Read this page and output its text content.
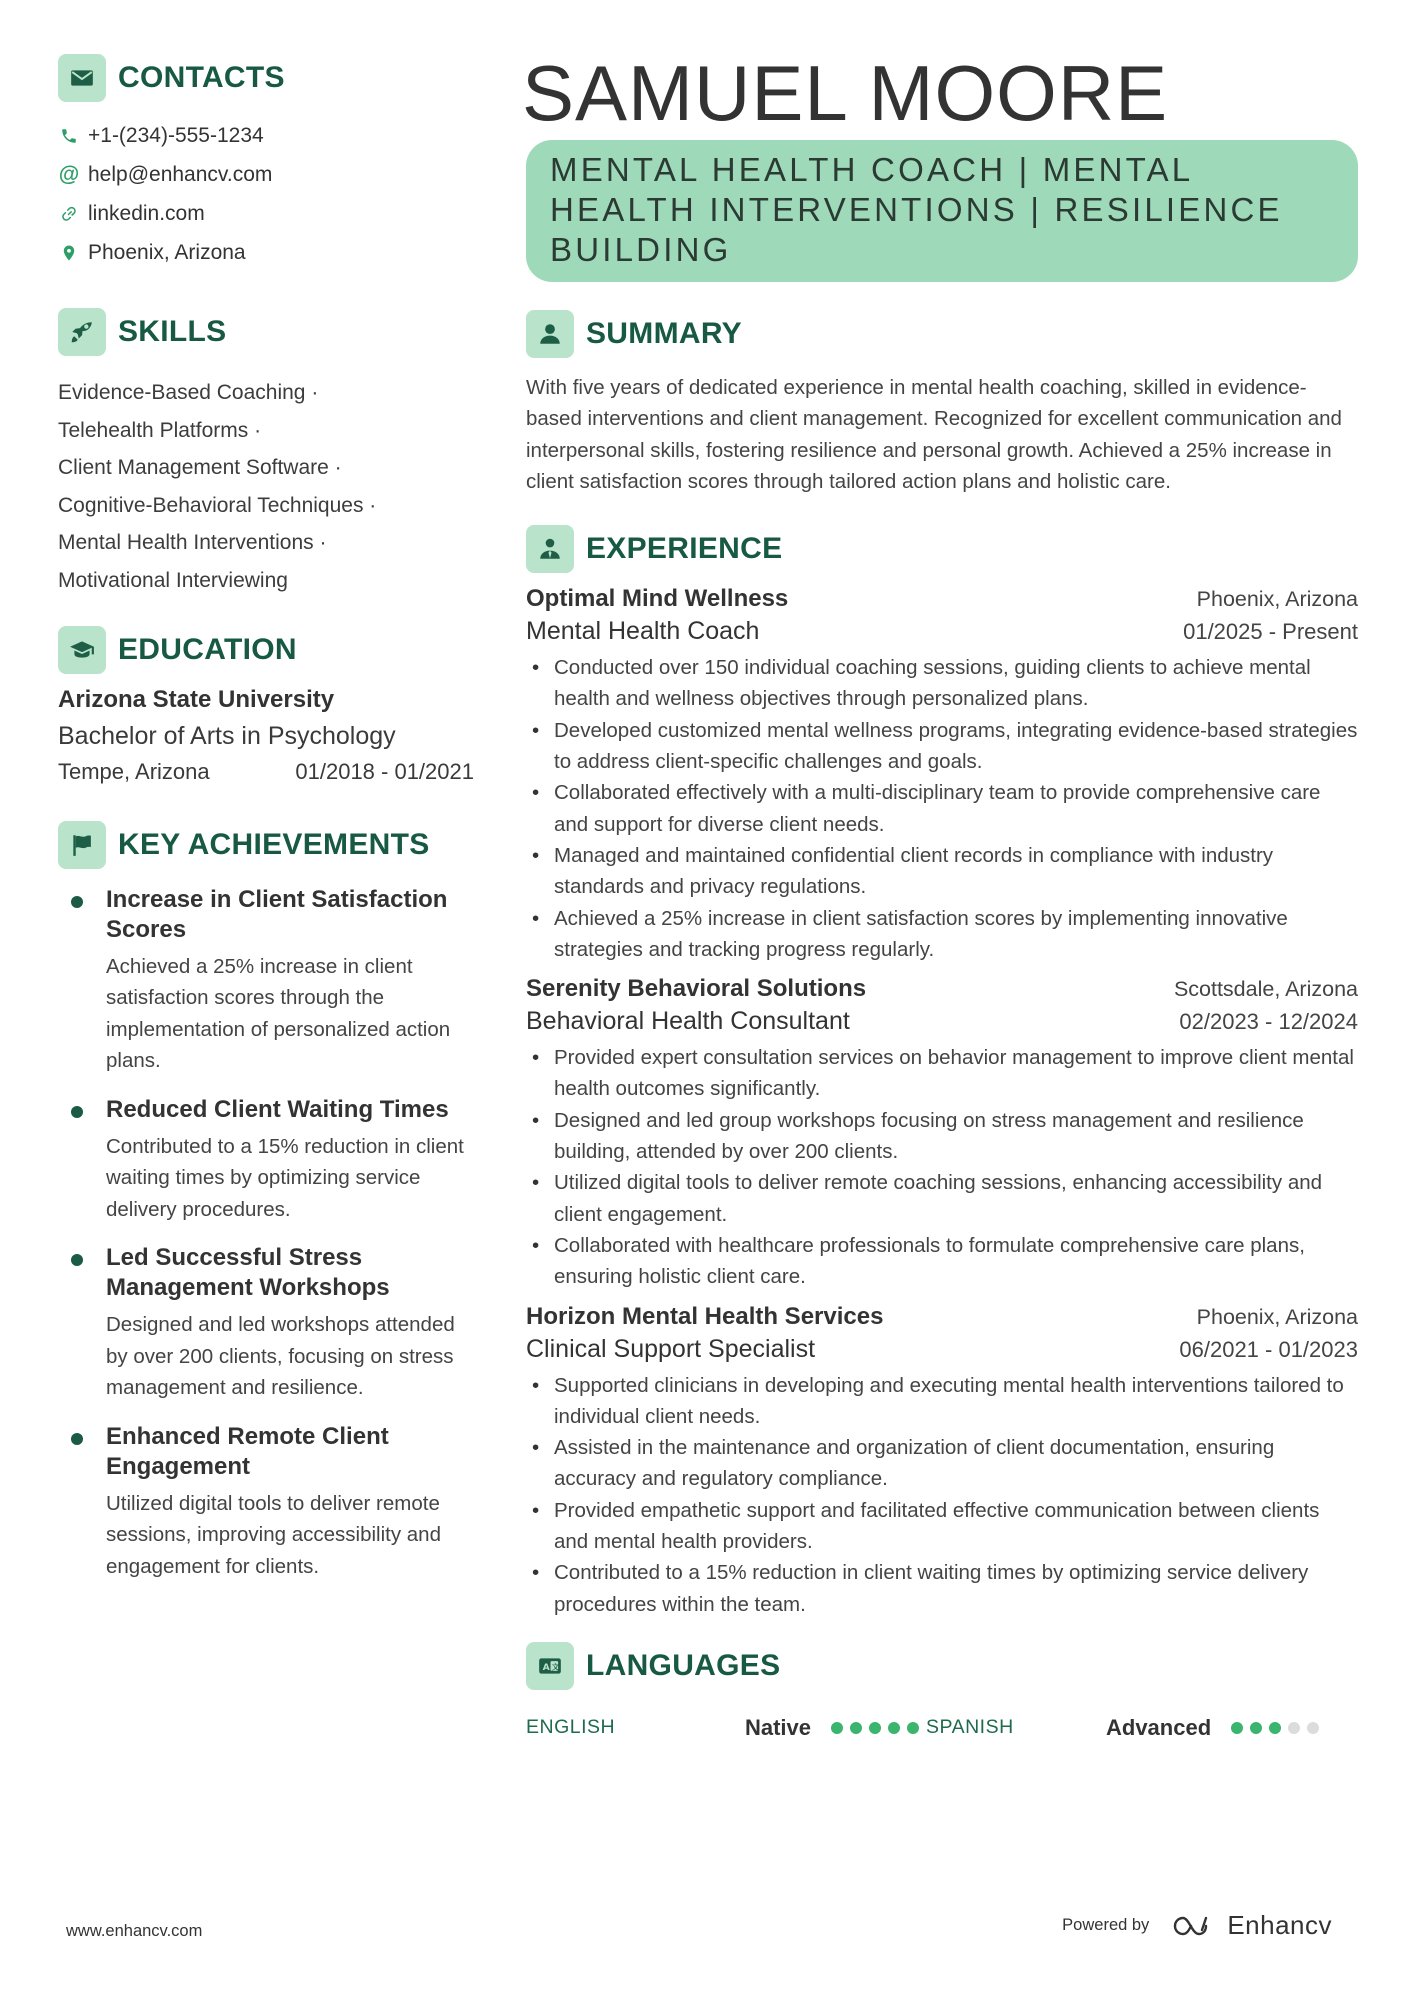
CONTACTS
+1-(234)-555-1234
@ help@enhancv.com
linkedin.com
Phoenix, Arizona
SKILLS
Evidence-Based Coaching ·
Telehealth Platforms ·
Client Management Software ·
Cognitive-Behavioral Techniques ·
Mental Health Interventions ·
Motivational Interviewing
EDUCATION
Arizona State University
Bachelor of Arts in Psychology
Tempe, Arizona	01/2018 - 01/2021
KEY ACHIEVEMENTS
Increase in Client Satisfaction Scores
Achieved a 25% increase in client satisfaction scores through the implementation of personalized action plans.
Reduced Client Waiting Times
Contributed to a 15% reduction in client waiting times by optimizing service delivery procedures.
Led Successful Stress Management Workshops
Designed and led workshops attended by over 200 clients, focusing on stress management and resilience.
Enhanced Remote Client Engagement
Utilized digital tools to deliver remote sessions, improving accessibility and engagement for clients.
SAMUEL MOORE
MENTAL HEALTH COACH | MENTAL HEALTH INTERVENTIONS | RESILIENCE BUILDING
SUMMARY
With five years of dedicated experience in mental health coaching, skilled in evidence-based interventions and client management. Recognized for excellent communication and interpersonal skills, fostering resilience and personal growth. Achieved a 25% increase in client satisfaction scores through tailored action plans and holistic care.
EXPERIENCE
Optimal Mind Wellness	Phoenix, Arizona
Mental Health Coach	01/2025 - Present
• Conducted over 150 individual coaching sessions, guiding clients to achieve mental health and wellness objectives through personalized plans.
• Developed customized mental wellness programs, integrating evidence-based strategies to address client-specific challenges and goals.
• Collaborated effectively with a multi-disciplinary team to provide comprehensive care and support for diverse client needs.
• Managed and maintained confidential client records in compliance with industry standards and privacy regulations.
• Achieved a 25% increase in client satisfaction scores by implementing innovative strategies and tracking progress regularly.
Serenity Behavioral Solutions	Scottsdale, Arizona
Behavioral Health Consultant	02/2023 - 12/2024
• Provided expert consultation services on behavior management to improve client mental health outcomes significantly.
• Designed and led group workshops focusing on stress management and resilience building, attended by over 200 clients.
• Utilized digital tools to deliver remote coaching sessions, enhancing accessibility and client engagement.
• Collaborated with healthcare professionals to formulate comprehensive care plans, ensuring holistic client care.
Horizon Mental Health Services	Phoenix, Arizona
Clinical Support Specialist	06/2021 - 01/2023
• Supported clinicians in developing and executing mental health interventions tailored to individual client needs.
• Assisted in the maintenance and organization of client documentation, ensuring accuracy and regulatory compliance.
• Provided empathetic support and facilitated effective communication between clients and mental health providers.
• Contributed to a 15% reduction in client waiting times by optimizing service delivery procedures within the team.
A 文 LANGUAGES
ENGLISH	Native	SPANISH	Advanced
www.enhancv.com	Powered by	Enhancv
